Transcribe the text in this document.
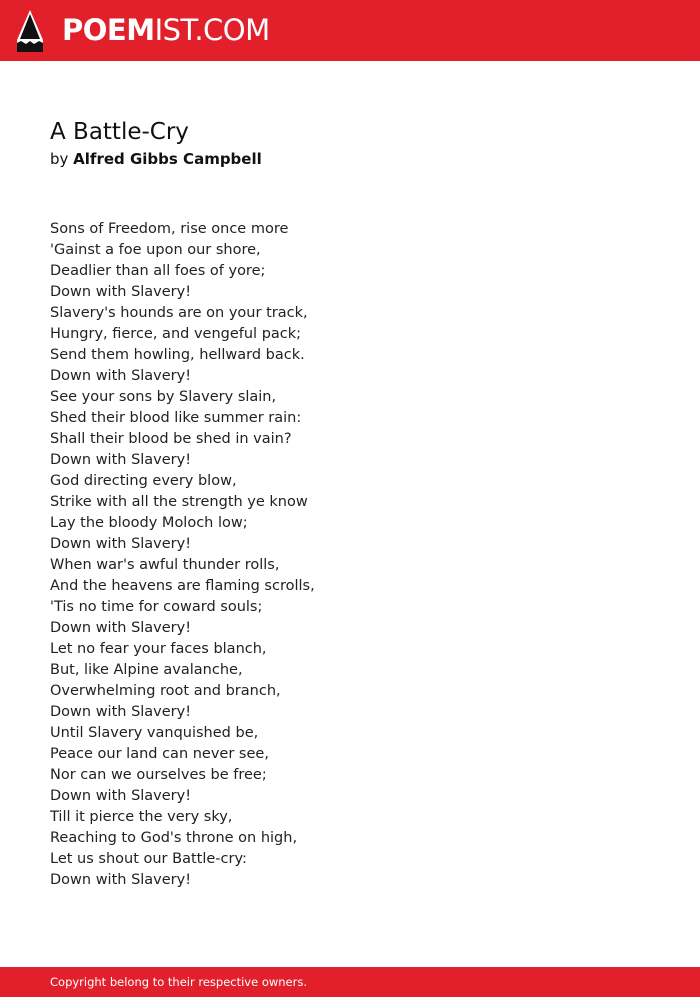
POEMIST.COM
A Battle-Cry
by Alfred Gibbs Campbell
Sons of Freedom, rise once more
'Gainst a foe upon our shore,
Deadlier than all foes of yore;
Down with Slavery!
Slavery's hounds are on your track,
Hungry, fierce, and vengeful pack;
Send them howling, hellward back.
Down with Slavery!
See your sons by Slavery slain,
Shed their blood like summer rain:
Shall their blood be shed in vain?
Down with Slavery!
God directing every blow,
Strike with all the strength ye know
Lay the bloody Moloch low;
Down with Slavery!
When war's awful thunder rolls,
And the heavens are flaming scrolls,
'Tis no time for coward souls;
Down with Slavery!
Let no fear your faces blanch,
But, like Alpine avalanche,
Overwhelming root and branch,
Down with Slavery!
Until Slavery vanquished be,
Peace our land can never see,
Nor can we ourselves be free;
Down with Slavery!
Till it pierce the very sky,
Reaching to God's throne on high,
Let us shout our Battle-cry:
Down with Slavery!
Copyright belong to their respective owners.
